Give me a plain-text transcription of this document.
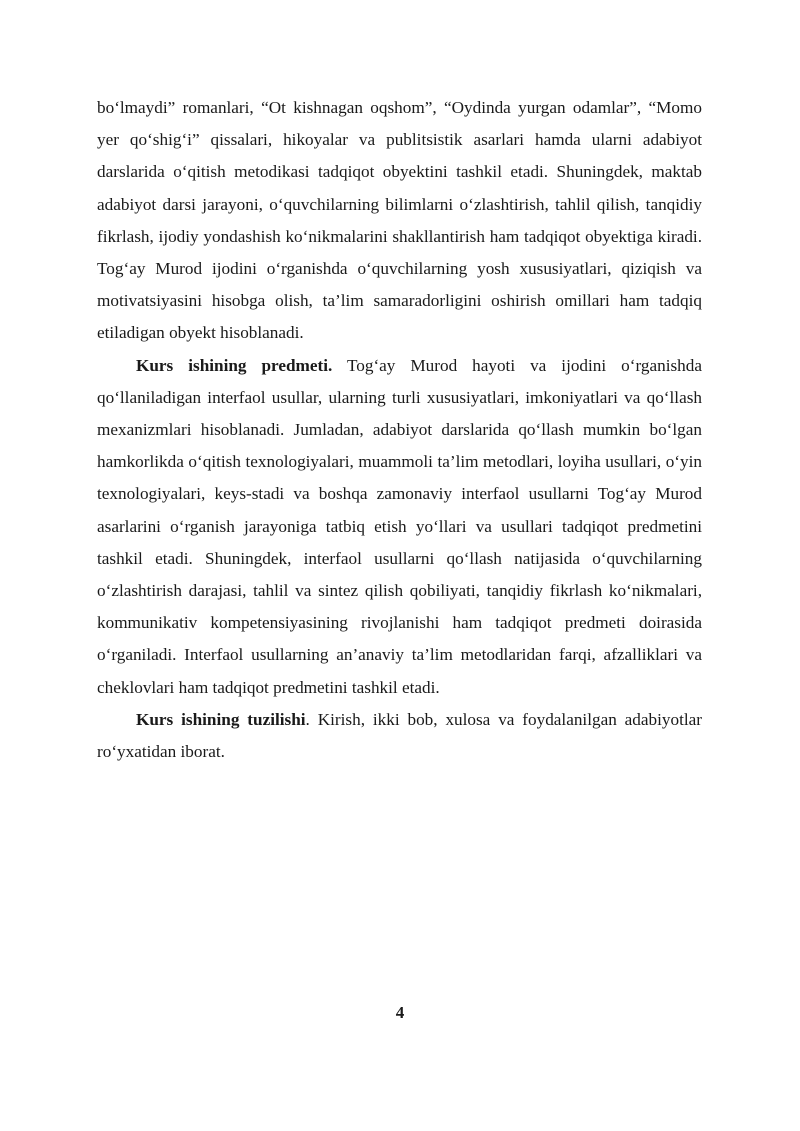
bo‘lmaydi” romanlari, “Ot kishnagan oqshom”, “Oydinda yurgan odamlar”, “Momo yer qo‘shig‘i” qissalari, hikoyalar va publitsistik asarlari hamda ularni adabiyot darslarida o‘qitish metodikasi tadqiqot obyektini tashkil etadi. Shuningdek, maktab adabiyot darsi jarayoni, o‘quvchilarning bilimlarni o‘zlashtirish, tahlil qilish, tanqidiy fikrlash, ijodiy yondashish ko‘nikmalarini shakllantirish ham tadqiqot obyektiga kiradi. Tog‘ay Murod ijodini o‘rganishda o‘quvchilarning yosh xususiyatlari, qiziqish va motivatsiyasini hisobga olish, ta’lim samaradorligini oshirish omillari ham tadqiq etiladigan obyekt hisoblanadi.

Kurs ishining predmeti. Tog‘ay Murod hayoti va ijodini o‘rganishda qo‘llaniladigan interfaol usullar, ularning turli xususiyatlari, imkoniyatlari va qo‘llash mexanizmlari hisoblanadi. Jumladan, adabiyot darslarida qo‘llash mumkin bo‘lgan hamkorlikda o‘qitish texnologiyalari, muammoli ta’lim metodlari, loyiha usullari, o‘yin texnologiyalari, keys-stadi va boshqa zamonaviy interfaol usullarni Tog‘ay Murod asarlarini o‘rganish jarayoniga tatbiq etish yo‘llari va usullari tadqiqot predmetini tashkil etadi. Shuningdek, interfaol usullarni qo‘llash natijasida o‘quvchilarning o‘zlashtirish darajasi, tahlil va sintez qilish qobiliyati, tanqidiy fikrlash ko‘nikmalari, kommunikativ kompetensiyasining rivojlanishi ham tadqiqot predmeti doirasida o‘rganiladi. Interfaol usullarning an’anaviy ta’lim metodlaridan farqi, afzalliklari va cheklovlari ham tadqiqot predmetini tashkil etadi.

Kurs ishining tuzilishi. Kirish, ikki bob, xulosa va foydalanilgan adabiyotlar ro‘yxatidan iborat.

4
